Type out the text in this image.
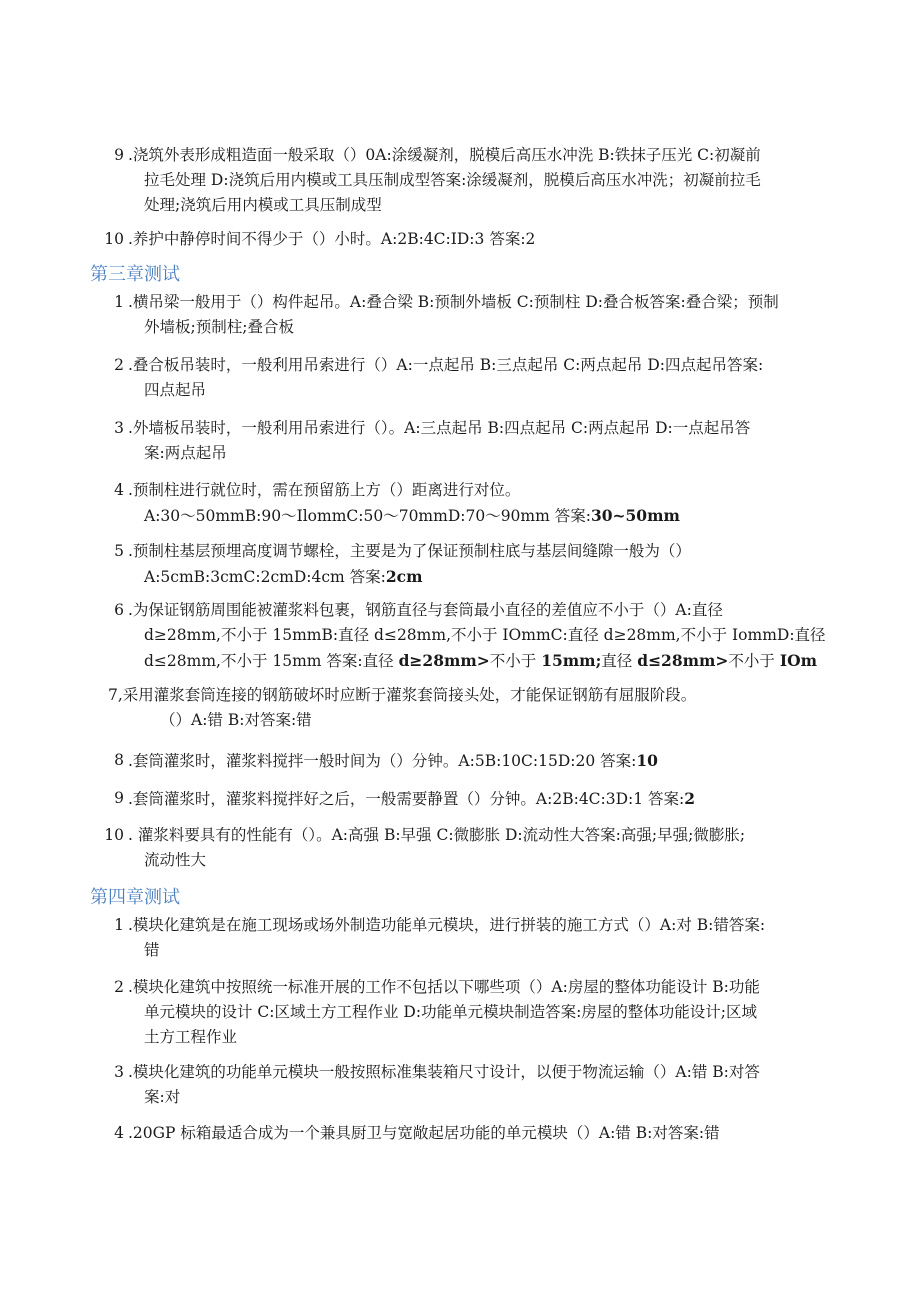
9 .浇筑外表形成粗造面一般采取（）0A:涂缓凝剂，脱模后高压水冲洗 B:铁抹子压光 C:初凝前
拉毛处理 D:浇筑后用内模或工具压制成型答案:涂缓凝剂，脱模后高压水冲洗；初凝前拉毛
处理;浇筑后用内模或工具压制成型
10 .养护中静停时间不得少于（）小时。A:2B:4C:ID:3 答案:2
第三章测试
1 .横吊梁一般用于（）构件起吊。A:叠合梁 B:预制外墙板 C:预制柱 D:叠合板答案:叠合梁；预制
外墙板;预制柱;叠合板
2 .叠合板吊装时，一般利用吊索进行（）A:一点起吊 B:三点起吊 C:两点起吊 D:四点起吊答案:
四点起吊
3 .外墙板吊装时，一般利用吊索进行（）。A:三点起吊 B:四点起吊 C:两点起吊 D:一点起吊答
案:两点起吊
4 .预制柱进行就位时，需在预留筋上方（）距离进行对位。
A:30～50mmB:90～IlommC:50～70mmD:70～90mm 答案:30~50mm
5 .预制柱基层预埋高度调节螺栓，主要是为了保证预制柱底与基层间缝隙一般为（）
A:5cmB:3cmC:2cmD:4cm 答案:2cm
6 .为保证钢筋周围能被灌浆料包裹，钢筋直径与套筒最小直径的差值应不小于（）A:直径
d≥28mm,不小于 15mmB:直径 d≤28mm,不小于 IOmmC:直径 d≥28mm,不小于 IommD:直径
d≤28mm,不小于 15mm 答案:直径 d≥28mm>不小于 15mm;直径 d≤28mm>不小于 IOm
7,采用灌浆套筒连接的钢筋破坏时应断于灌浆套筒接头处，才能保证钢筋有屈服阶段。
（）A:错 B:对答案:错
8 .套筒灌浆时，灌浆料搅拌一般时间为（）分钟。A:5B:10C:15D:20 答案:10
9 .套筒灌浆时，灌浆料搅拌好之后，一般需要静置（）分钟。A:2B:4C:3D:1 答案:2
10 . 灌浆料要具有的性能有（）。A:高强 B:早强 C:微膨胀 D:流动性大答案:高强;早强;微膨胀;
流动性大
第四章测试
1 .模块化建筑是在施工现场或场外制造功能单元模块，进行拼装的施工方式（）A:对 B:错答案:
错
2 .模块化建筑中按照统一标准开展的工作不包括以下哪些项（）A:房屋的整体功能设计 B:功能
单元模块的设计 C:区域土方工程作业 D:功能单元模块制造答案:房屋的整体功能设计;区域
土方工程作业
3 .模块化建筑的功能单元模块一般按照标准集装箱尺寸设计，以便于物流运输（）A:错 B:对答
案:对
4 .20GP 标箱最适合成为一个兼具厨卫与宽敞起居功能的单元模块（）A:错 B:对答案:错
